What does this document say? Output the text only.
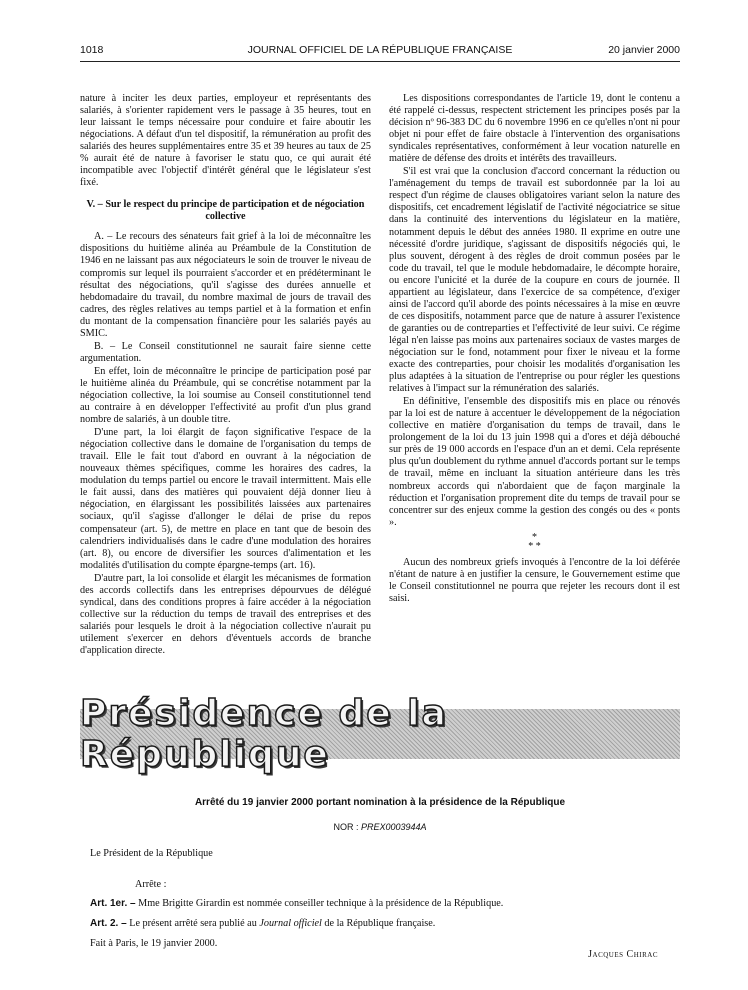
1018	JOURNAL OFFICIEL DE LA RÉPUBLIQUE FRANÇAISE	20 janvier 2000

nature à inciter les deux parties, employeur et représentants des salariés, à s'orienter rapidement vers le passage à 35 heures, tout en leur laissant le temps nécessaire pour conduire et faire aboutir les négociations. A défaut d'un tel dispositif, la rémunération au profit des salariés des heures supplémentaires entre 35 et 39 heures au taux de 25 % aurait été de nature à favoriser le statu quo, ce qui aurait été incompatible avec l'objectif d'intérêt général que le législateur s'est fixé.

V. – Sur le respect du principe de participation et de négociation collective

A. – Le recours des sénateurs fait grief à la loi de méconnaître les dispositions du huitième alinéa au Préambule de la Constitution de 1946 en ne laissant pas aux négociateurs le soin de trouver le niveau de compromis sur lequel ils pourraient s'accorder et en prédéterminant le résultat des négociations, qu'il s'agisse des durées annuelle et hebdomadaire du travail, du nombre maximal de jours de travail des cadres, des règles relatives au temps partiel et à la formation et enfin du montant de la compensation financière pour les salariés payés au SMIC.

B. – Le Conseil constitutionnel ne saurait faire sienne cette argumentation.

En effet, loin de méconnaître le principe de participation posé par le huitième alinéa du Préambule, qui se concrétise notamment par la négociation collective, la loi soumise au Conseil constitutionnel tend au contraire à en développer l'effectivité au profit d'un plus grand nombre de salariés, à un double titre.

D'une part, la loi élargit de façon significative l'espace de la négociation collective dans le domaine de l'organisation du temps de travail. Elle le fait tout d'abord en ouvrant à la négociation de nouveaux thèmes spécifiques, comme les horaires des cadres, la modulation du temps partiel ou encore le travail intermittent. Mais elle le fait aussi, dans des matières qui pouvaient déjà donner lieu à négociation, en élargissant les possibilités laissées aux partenaires sociaux, qu'il s'agisse d'allonger le délai de prise du repos compensateur (art. 5), de mettre en place en tant que de besoin des calendriers individualisés dans le cadre d'une modulation des horaires (art. 8), ou encore de diversifier les sources d'alimentation et les modalités d'utilisation du compte épargne-temps (art. 16).

D'autre part, la loi consolide et élargit les mécanismes de formation des accords collectifs dans les entreprises dépourvues de délégué syndical, dans des conditions propres à faire accéder à la négociation collective sur la réduction du temps de travail des entreprises et des salariés pour lesquels le droit à la négociation collective n'aurait pu utilement s'exercer en dehors d'éventuels accords de branche d'application directe.

Les dispositions correspondantes de l'article 19, dont le contenu a été rappelé ci-dessus, respectent strictement les principes posés par la décision nº 96-383 DC du 6 novembre 1996 en ce qu'elles n'ont ni pour objet ni pour effet de faire obstacle à l'intervention des organisations syndicales représentatives, conformément à leur vocation naturelle en matière de défense des droits et intérêts des travailleurs.

S'il est vrai que la conclusion d'accord concernant la réduction ou l'aménagement du temps de travail est subordonnée par la loi au respect d'un régime de clauses obligatoires variant selon la nature des dispositifs, cet encadrement législatif de l'activité négociatrice se situe dans la continuité des interventions du législateur en la matière, notamment depuis le début des années 1980. Il exprime en outre une nécessité d'ordre juridique, s'agissant de dispositifs négociés qui, le plus souvent, dérogent à des règles de droit commun posées par le code du travail, tel que le module hebdomadaire, le décompte horaire, ou encore l'unicité et la durée de la coupure en cours de journée. Il appartient au législateur, dans l'exercice de sa compétence, d'exiger ainsi de l'accord qu'il aborde des points nécessaires à la mise en œuvre de ces dispositifs, notamment parce que de nature à assurer l'existence de garanties ou de contreparties et l'effectivité de leur suivi. Ce régime légal n'en laisse pas moins aux partenaires sociaux de vastes marges de négociation sur le fond, notamment pour fixer le niveau et la forme exacte des contreparties, pour choisir les modalités d'organisation les plus adaptées à la situation de l'entreprise ou pour régler les questions relatives à l'impact sur la rémunération des salariés.

En définitive, l'ensemble des dispositifs mis en place ou rénovés par la loi est de nature à accentuer le développement de la négociation collective en matière d'organisation du temps de travail, dans le prolongement de la loi du 13 juin 1998 qui a d'ores et déjà débouché sur près de 19 000 accords en l'espace d'un an et demi. Cela représente plus qu'un doublement du rythme annuel d'accords portant sur le temps de travail, même en incluant la situation antérieure dans les très nombreux accords qui n'abordaient que de façon marginale la réduction et l'organisation proprement dite du temps de travail pour se concentrer sur des enjeux comme la gestion des congés ou des « ponts ».

*
* *

Aucun des nombreux griefs invoqués à l'encontre de la loi déférée n'étant de nature à en justifier la censure, le Gouvernement estime que le Conseil constitutionnel ne pourra que rejeter les recours dont il est saisi.

Présidence de la République
Arrêté du 19 janvier 2000 portant nomination à la présidence de la République
NOR : PREX0003944A
Le Président de la République
Arrête :
Art. 1er. – Mme Brigitte Girardin est nommée conseiller technique à la présidence de la République.
Art. 2. – Le présent arrêté sera publié au Journal officiel de la République française.
Fait à Paris, le 19 janvier 2000.
Jacques Chirac
